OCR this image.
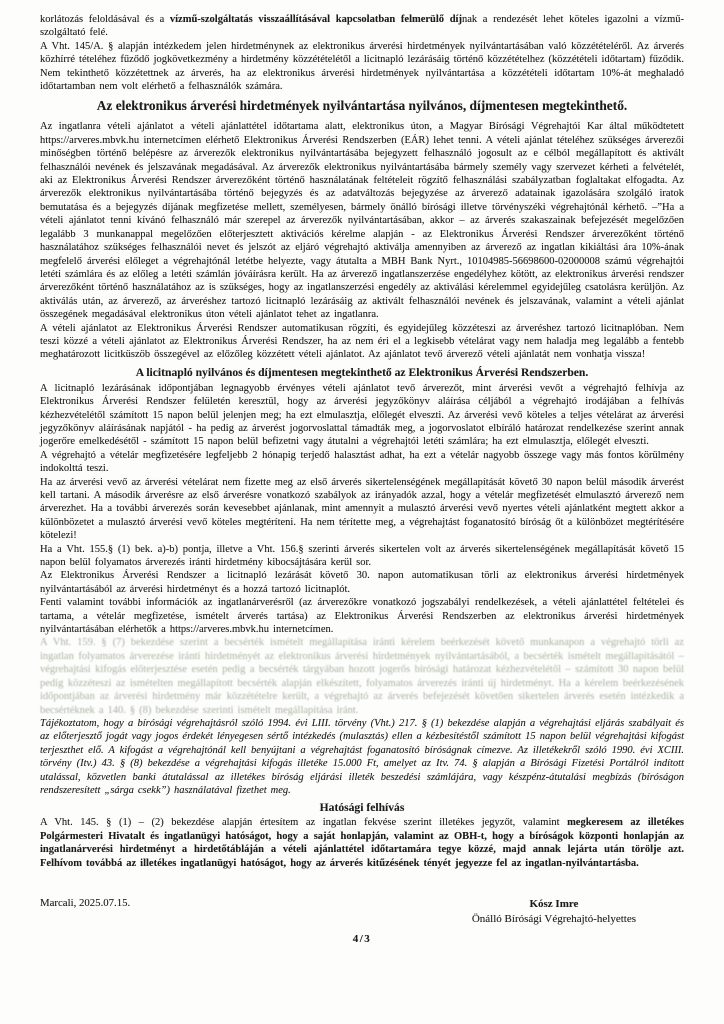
korlátozás feloldásával és a vízmű-szolgáltatás visszaállításával kapcsolatban felmerülő díjnak a rendezését lehet köteles igazolni a vízmű-szolgáltató felé.

A Vht. 145/A. § alapján intézkedem jelen hirdetménynek az elektronikus árverési hirdetmények nyilvántartásában való közzétételéről. Az árverés közhírré tételéhez fűződő jogkövetkezmény a hirdetmény közzétételétől a licitnapló lezárásáig történő közzétételhez (közzétételi időtartam) fűződik. Nem tekinthető közzétettnek az árverés, ha az elektronikus árverési hirdetmények nyilvántartása a közzétételi időtartam 10%-át meghaladó időtartamban nem volt elérhető a felhasználók számára.

Az elektronikus árverési hirdetmények nyilvántartása nyilvános, díjmentesen megtekinthető.

Az ingatlanra vételi ajánlatot a vételi ajánlattétel időtartama alatt, elektronikus úton, a Magyar Bírósági Végrehajtói Kar által működtetett https://arveres.mbvk.hu internetcímen elérhető Elektronikus Árverési Rendszerben (EÁR) lehet tenni. A vételi ajánlat tételéhez szükséges árverezői minőségben történő belépésre az árverezők elektronikus nyilvántartásába bejegyzett felhasználó jogosult az e célból megállapított és aktivált felhasználói nevének és jelszavának megadásával. Az árverezők elektronikus nyilvántartásába bármely személy vagy szervezet kérheti a felvételét, aki az Elektronikus Árverési Rendszer árverezőként történő használatának feltételeit rögzítő felhasználási szabályzatban foglaltakat elfogadta. Az árverezők elektronikus nyilvántartásába történő bejegyzés és az adatváltozás bejegyzése az árverező adatainak igazolására szolgáló iratok bemutatása és a bejegyzés díjának megfizetése mellett, személyesen, bármely önálló bírósági illetve törvényszéki végrehajtónál kérhető. –”Ha a vételi ajánlatot tenni kívánó felhasználó már szerepel az árverezők nyilvántartásában, akkor – az árverés szakaszainak befejezését megelőzően legalább 3 munkanappal megelőzően előterjesztett aktivációs kérelme alapján - az Elektronikus Árverési Rendszer árverezőként történő használatához szükséges felhasználói nevet és jelszót az eljáró végrehajtó aktiválja amennyiben az árverező az ingatlan kikiáltási ára 10%-ának megfelelő árverési előleget a végrehajtónál letétbe helyezte, vagy átutalta a MBH Bank Nyrt., 10104985-56698600-02000008 számú végrehajtói letéti számlára és az előleg a letéti számlán jóváírásra került. Ha az árverező ingatlanszerzése engedélyhez kötött, az elektronikus árverési rendszer árverezőként történő használatához az is szükséges, hogy az ingatlanszerzési engedély az aktiválási kérelemmel egyidejűleg csatolásra kerüljön. Az aktiválás után, az árverező, az árveréshez tartozó licitnapló lezárásáig az aktivált felhasználói nevének és jelszavának, valamint a vételi ajánlat összegének megadásával elektronikus úton vételi ajánlatot tehet az ingatlanra.

A vételi ajánlatot az Elektronikus Árverési Rendszer automatikusan rögzíti, és egyidejűleg közzéteszi az árveréshez tartozó licitnaplóban. Nem teszi közzé a vételi ajánlatot az Elektronikus Árverési Rendszer, ha az nem éri el a legkisebb vételárat vagy nem haladja meg legalább a fentebb meghatározott licitküszöb összegével az előzőleg közzétett vételi ajánlatot. Az ajánlatot tevő árverező vételi ajánlatát nem vonhatja vissza!

A licitnapló nyilvános és díjmentesen megtekinthető az Elektronikus Árverési Rendszerben.

A licitnapló lezárásának időpontjában legnagyobb érvényes vételi ajánlatot tevő árverezőt, mint árverési vevőt a végrehajtó felhívja az Elektronikus Árverési Rendszer felületén keresztül, hogy az árverési jegyzőkönyv aláírása céljából a végrehajtó irodájában a felhívás kézhezvételétől számított 15 napon belül jelenjen meg; ha ezt elmulasztja, előlegét elveszti. Az árverési vevő köteles a teljes vételárat az árverési jegyzőkönyv aláírásának napjától - ha pedig az árverést jogorvoslattal támadták meg, a jogorvoslatot elbíráló határozat rendelkezése szerint annak jogerőre emelkedésétől - számított 15 napon belül befizetni vagy átutalni a végrehajtói letéti számlára; ha ezt elmulasztja, előlegét elveszti.

A végrehajtó a vételár megfizetésére legfeljebb 2 hónapig terjedő halasztást adhat, ha ezt a vételár nagyobb összege vagy más fontos körülmény indokolttá teszi.

Ha az árverési vevő az árverési vételárat nem fizette meg az első árverés sikertelenségének megállapítását követő 30 napon belül második árverést kell tartani. A második árverésre az első árverésre vonatkozó szabályok az irányadók azzal, hogy a vételár megfizetését elmulasztó árverező nem árverezhet. Ha a további árverezés során kevesebbet ajánlanak, mint amennyit a mulasztó árverési vevő nyertes vételi ajánlatként megtett akkor a különbözetet a mulasztó árverési vevő köteles megtéríteni. Ha nem térítette meg, a végrehajtást foganatosító bíróság őt a különbözet megtérítésére kötelezi!

Ha a Vht. 155.§ (1) bek. a)-b) pontja, illetve a Vht. 156.§ szerinti árverés sikertelen volt az árverés sikertelenségének megállapítását követő 15 napon belül folyamatos árverezés iránti hirdetmény kibocsájtására kerül sor.

Az Elektronikus Árverési Rendszer a licitnapló lezárását követő 30. napon automatikusan törli az elektronikus árverési hirdetmények nyilvántartásából az árverési hirdetményt és a hozzá tartozó licitnaplót.

Fenti valamint további információk az ingatlanárverésről (az árverezőkre vonatkozó jogszabályi rendelkezések, a vételi ajánlattétel feltételei és tartama, a vételár megfizetése, ismételt árverés tartása) az Elektronikus Árverési Rendszerben az elektronikus árverési hirdetmények nyilvántartásában elérhetők a https://arveres.mbvk.hu internetcímen.

A Vht. 159. § (7) bekezdése szerint a becsérték ismételt megállapítása iránti kérelem beérkezését követő munkanapon a végrehajtó törli az ingatlan folyamatos árverezése iránti hirdetményét az elektronikus árverési hirdetmények nyilvántartásából, a becsérték ismételt megállapításától – végrehajtási kifogás előterjesztése esetén pedig a becsérték tárgyában hozott jogerős bírósági határozat kézhezvételétől – számított 30 napon belül pedig közzéteszi az ismételten megállapított becsérték alapján elkészített, folyamatos árverezés iránti új hirdetményt. Ha a kérelem beérkezésének időpontjában az árverési hirdetmény már közzétételre került, a végrehajtó az árverés befejezését követően sikertelen árverés esetén intézkedik a becsértéknek a 140. § (8) bekezdése szerinti ismételt megállapítása iránt.

Tájékoztatom, hogy a bírósági végrehajtásról szóló 1994. évi LIII. törvény (Vht.) 217. § (1) bekezdése alapján a végrehajtási eljárás szabályait és az előterjesztő jogát vagy jogos érdekét lényegesen sértő intézkedés (mulasztás) ellen a kézbesítéstől számított 15 napon belül végrehajtási kifogást terjeszthet elő. A kifogást a végrehajtónál kell benyújtani a végrehajtást foganatosító bíróságnak címezve. Az illetékekről szóló 1990. évi XCIII. törvény (Itv.) 43. § (8) bekezdése a végrehajtási kifogás illetéke 15.000 Ft, amelyet az Itv. 74. § alapján a Bírósági Fizetési Portálról indított utalással, közvetlen banki átutalással az illetékes bíróság eljárási illeték beszedési számlájára, vagy készpénz-átutalási megbízás (bíróságon rendszeresített „sárga csekk”) használatával fizethet meg.

Hatósági felhívás

A Vht. 145. § (1) – (2) bekezdése alapján értesítem az ingatlan fekvése szerint illetékes jegyzőt, valamint megkeresem az illetékes Polgármesteri Hivatalt és ingatlanügyi hatóságot, hogy a saját honlapján, valamint az OBH-t, hogy a bíróságok központi honlapján az ingatlanárverési hirdetményt a hirdetőtábláján a vételi ajánlattétel időtartamára tegye közzé, majd annak lejárta után törölje azt. Felhívom továbbá az illetékes ingatlanügyi hatóságot, hogy az árverés kitűzésének tényét jegyezze fel az ingatlan-nyilvántartásba.

Marcali, 2025.07.15.	Kósz Imre
Önálló Bírósági Végrehajtó-helyettes
4/3
